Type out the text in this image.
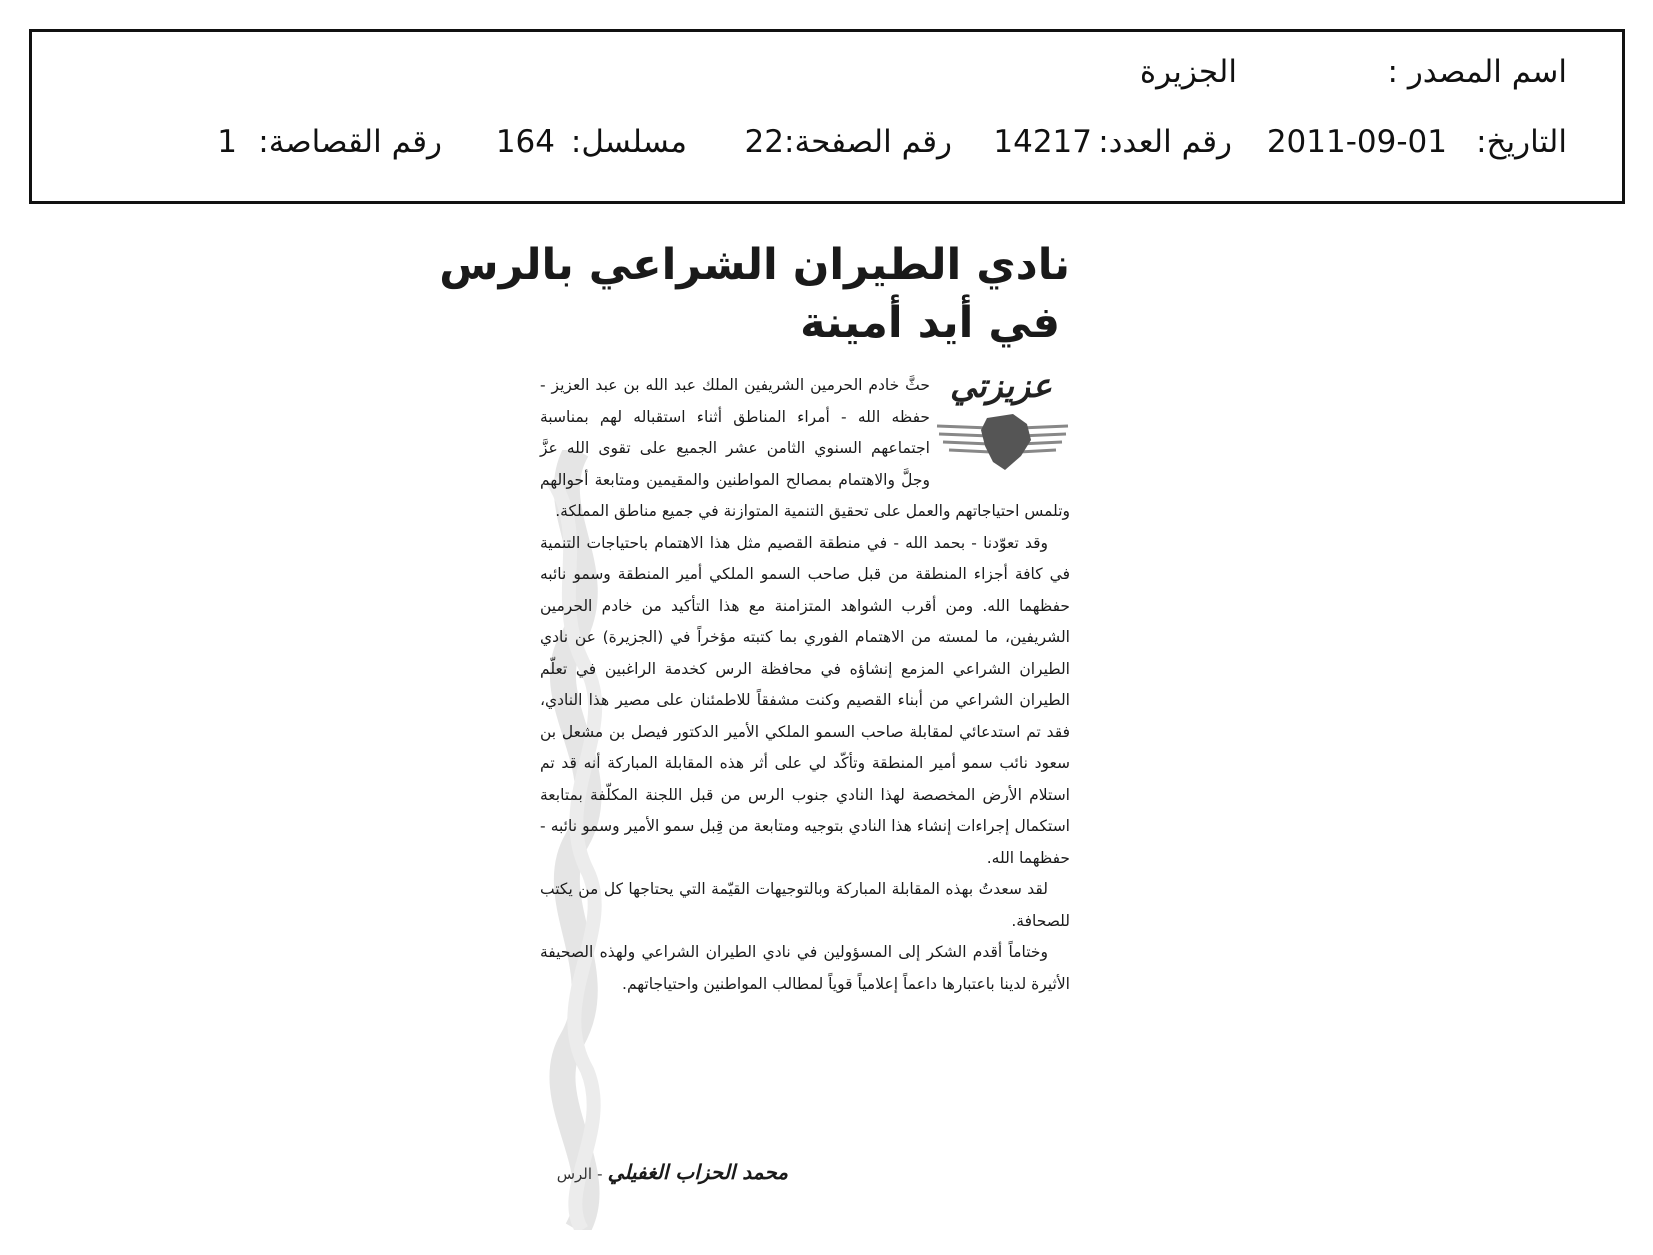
اسم المصدر :
الجزيرة
التاريخ:
2011-09-01
رقم العدد:
14217
رقم الصفحة:
22
مسلسل:
164
رقم القصاصة:
1
نادي الطيران الشراعي بالرس
في أيد أمينة
عزيزتي

حثَّ خادم الحرمين الشريفين الملك عبد الله بن عبد العزيز - حفظه الله - أمراء المناطق أثناء استقباله لهم بمناسبة اجتماعهم السنوي الثامن عشر الجميع على تقوى الله عزَّ وجلَّ والاهتمام بمصالح المواطنين والمقيمين ومتابعة أحوالهم وتلمس احتياجاتهم والعمل على تحقيق التنمية المتوازنة في جميع مناطق المملكة.

وقد تعوّدنا - بحمد الله - في منطقة القصيم مثل هذا الاهتمام باحتياجات التنمية في كافة أجزاء المنطقة من قبل صاحب السمو الملكي أمير المنطقة وسمو نائبه حفظهما الله. ومن أقرب الشواهد المتزامنة مع هذا التأكيد من خادم الحرمين الشريفين، ما لمسته من الاهتمام الفوري بما كتبته مؤخراً في (الجزيرة) عن نادي الطيران الشراعي المزمع إنشاؤه في محافظة الرس كخدمة الراغبين في تعلّم الطيران الشراعي من أبناء القصيم وكنت مشفقاً للاطمئنان على مصير هذا النادي، فقد تم استدعائي لمقابلة صاحب السمو الملكي الأمير الدكتور فيصل بن مشعل بن سعود نائب سمو أمير المنطقة وتأكّد لي على أثر هذه المقابلة المباركة أنه قد تم استلام الأرض المخصصة لهذا النادي جنوب الرس من قبل اللجنة المكلّفة بمتابعة استكمال إجراءات إنشاء هذا النادي بتوجيه ومتابعة من قِبل سمو الأمير وسمو نائبه - حفظهما الله.

لقد سعدتُ بهذه المقابلة المباركة وبالتوجيهات القيّمة التي يحتاجها كل من يكتب للصحافة.

وختاماً أقدم الشكر إلى المسؤولين في نادي الطيران الشراعي ولهذه الصحيفة الأثيرة لدينا باعتبارها داعماً إعلامياً قوياً لمطالب المواطنين واحتياجاتهم.

محمد الحزاب الغفيلي - الرس
